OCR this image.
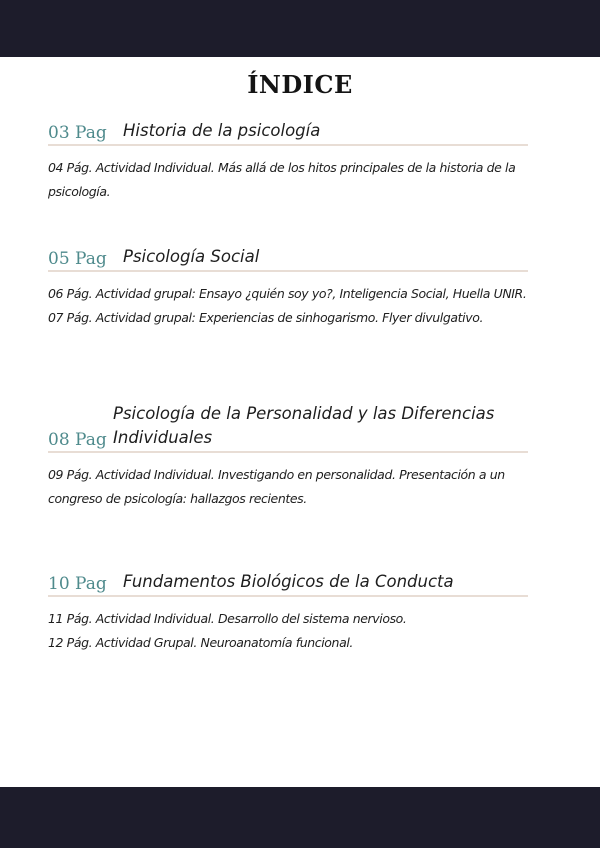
ÍNDICE
03 Pag Historia de la psicología
04 Pág. Actividad Individual. Más allá de los hitos principales de la historia de la psicología.
05 Pag Psicología Social
06 Pág. Actividad grupal: Ensayo ¿quién soy yo?, Inteligencia Social, Huella UNIR.
07 Pág. Actividad grupal: Experiencias de sinhogarismo. Flyer divulgativo.
08 Pag
Psicología de la Personalidad y las Diferencias
Individuales
09 Pág. Actividad Individual. Investigando en personalidad. Presentación a un congreso de psicología: hallazgos recientes.
10 Pag Fundamentos Biológicos de la Conducta
11 Pág. Actividad Individual. Desarrollo del sistema nervioso.
12 Pág. Actividad Grupal. Neuroanatomía funcional.
